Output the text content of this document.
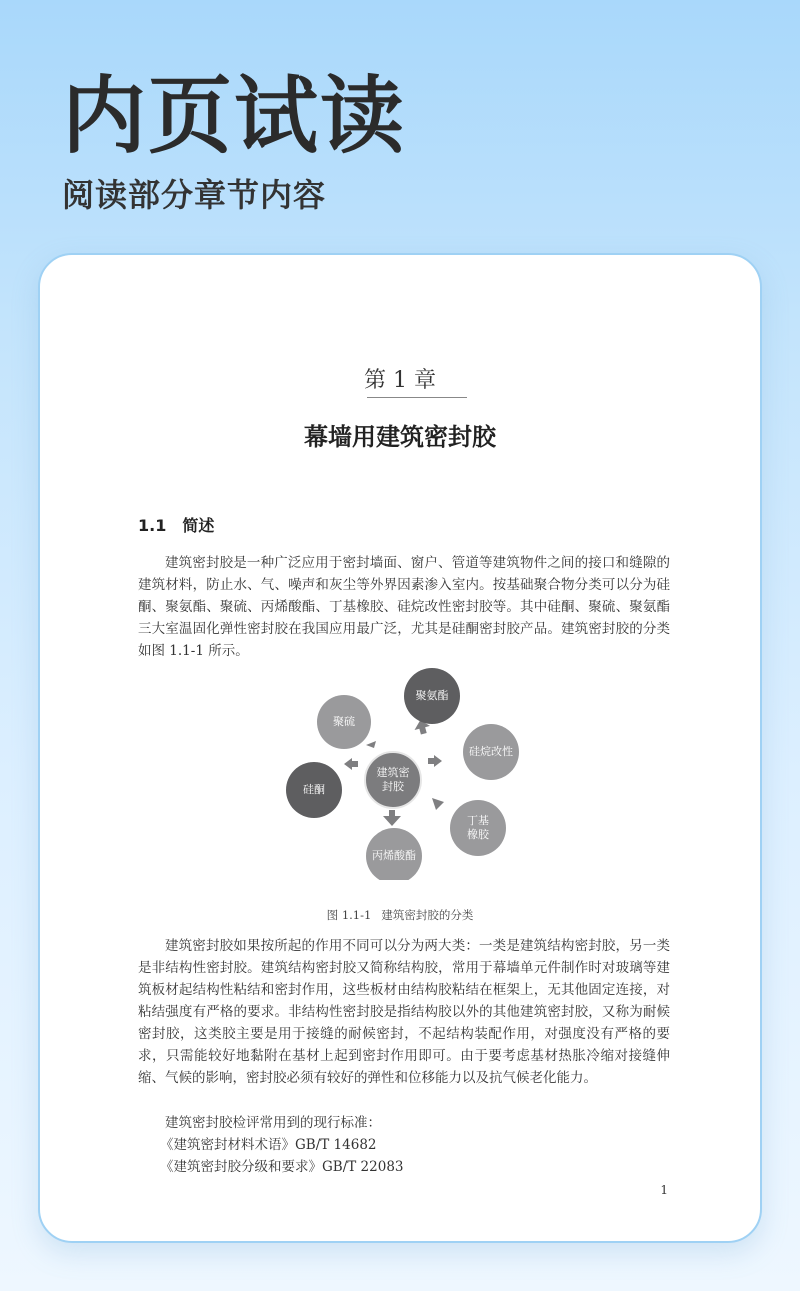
内页试读
阅读部分章节内容
第 1 章
幕墙用建筑密封胶
1.1 简述

建筑密封胶是一种广泛应用于密封墙面、窗户、管道等建筑物件之间的接口和缝隙的建筑材料，防止水、气、噪声和灰尘等外界因素渗入室内。按基础聚合物分类可以分为硅酮、聚氨酯、聚硫、丙烯酸酯、丁基橡胶、硅烷改性密封胶等。其中硅酮、聚硫、聚氨酯三大室温固化弹性密封胶在我国应用最广泛，尤其是硅酮密封胶产品。建筑密封胶的分类如图 1.1-1 所示。

建筑密
封胶
聚硫
聚氨酯
硅烷改性
丁基
橡胶
丙烯酸酯
硅酮
图 1.1-1 建筑密封胶的分类

建筑密封胶如果按所起的作用不同可以分为两大类：一类是建筑结构密封胶，另一类是非结构性密封胶。建筑结构密封胶又简称结构胶，常用于幕墙单元件制作时对玻璃等建筑板材起结构性粘结和密封作用，这些板材由结构胶粘结在框架上，无其他固定连接，对粘结强度有严格的要求。非结构性密封胶是指结构胶以外的其他建筑密封胶，又称为耐候密封胶，这类胶主要是用于接缝的耐候密封，不起结构装配作用，对强度没有严格的要求，只需能较好地黏附在基材上起到密封作用即可。由于要考虑基材热胀冷缩对接缝伸缩、气候的影响，密封胶必须有较好的弹性和位移能力以及抗气候老化能力。

建筑密封胶检评常用到的现行标准：
《建筑密封材料术语》GB/T 14682
《建筑密封胶分级和要求》GB/T 22083
1
